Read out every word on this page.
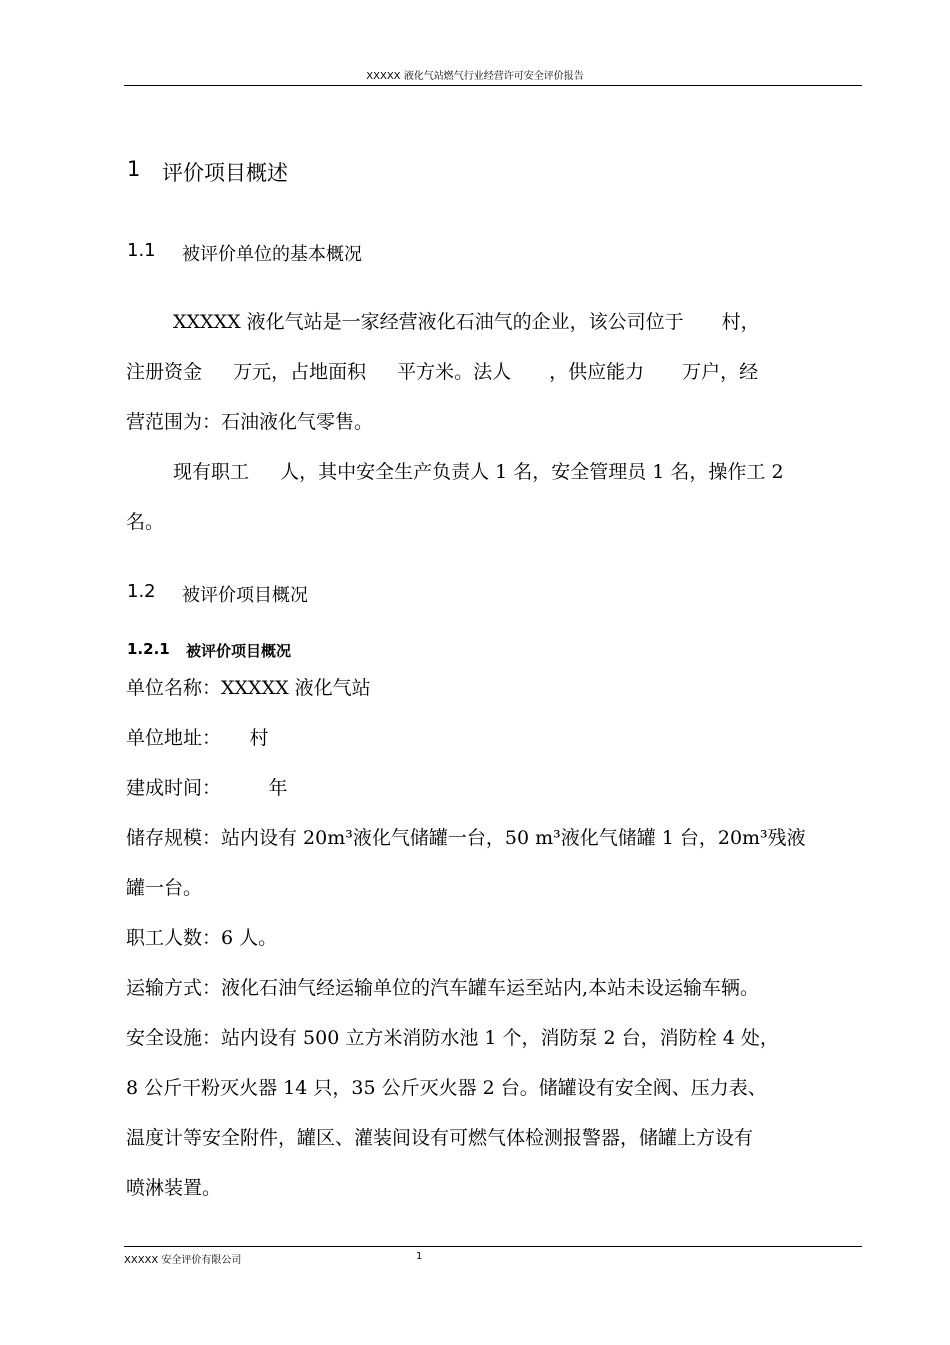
XXXXX 液化气站燃气行业经营许可安全评价报告
1 评价项目概述
1.1 被评价单位的基本概况
XXXXX 液化气站是一家经营液化石油气的企业，该公司位于　　村，
注册资金　  万元，占地面积　  平方米。法人　　，供应能力　　万户，经
营范围为：石油液化气零售。
现有职工　  人，其中安全生产负责人 1 名，安全管理员 1 名，操作工 2
名。
1.2 被评价项目概况
1.2.1 被评价项目概况
单位名称：XXXXX 液化气站
单位地址：　　村
建成时间：　　　年
储存规模：站内设有 20m³液化气储罐一台，50 m³液化气储罐 1 台，20m³残液
罐一台。
职工人数：6 人。
运输方式：液化石油气经运输单位的汽车罐车运至站内,本站未设运输车辆。
安全设施：站内设有 500 立方米消防水池 1 个，消防泵 2 台，消防栓 4 处，
8 公斤干粉灭火器 14 只，35 公斤灭火器 2 台。储罐设有安全阀、压力表、
温度计等安全附件，罐区、灌装间设有可燃气体检测报警器，储罐上方设有
喷淋装置。
XXXXX 安全评价有限公司	1
